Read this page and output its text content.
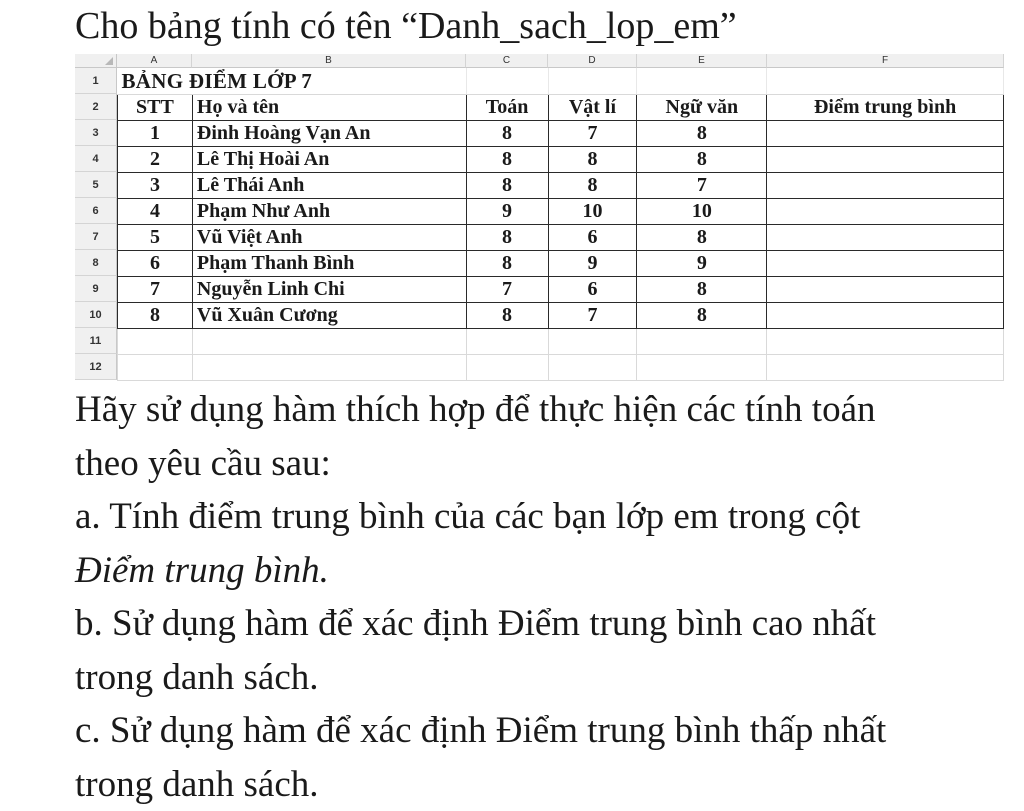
Cho bảng tính có tên “Danh_sach_lop_em”
A	B	C	D	E	F
1
2
3
4
5
6
7
8
9
10
11
12
BẢNG ĐIỂM LỚP 7					
STT	Họ và tên	Toán	Vật lí	Ngữ văn	Điểm trung bình
1	Đinh Hoàng Vạn An	8	7	8	
2	Lê Thị Hoài An	8	8	8	
3	Lê Thái Anh	8	8	7	
4	Phạm Như Anh	9	10	10	
5	Vũ Việt Anh	8	6	8	
6	Phạm Thanh Bình	8	9	9	
7	Nguyễn Linh Chi	7	6	8	
8	Vũ Xuân Cương	8	7	8	

Hãy sử dụng hàm thích hợp để thực hiện các tính toán theo yêu cầu sau:

a. Tính điểm trung bình của các bạn lớp em trong cột Điểm trung bình.

b. Sử dụng hàm để xác định Điểm trung bình cao nhất trong danh sách.

c. Sử dụng hàm để xác định Điểm trung bình thấp nhất trong danh sách.
